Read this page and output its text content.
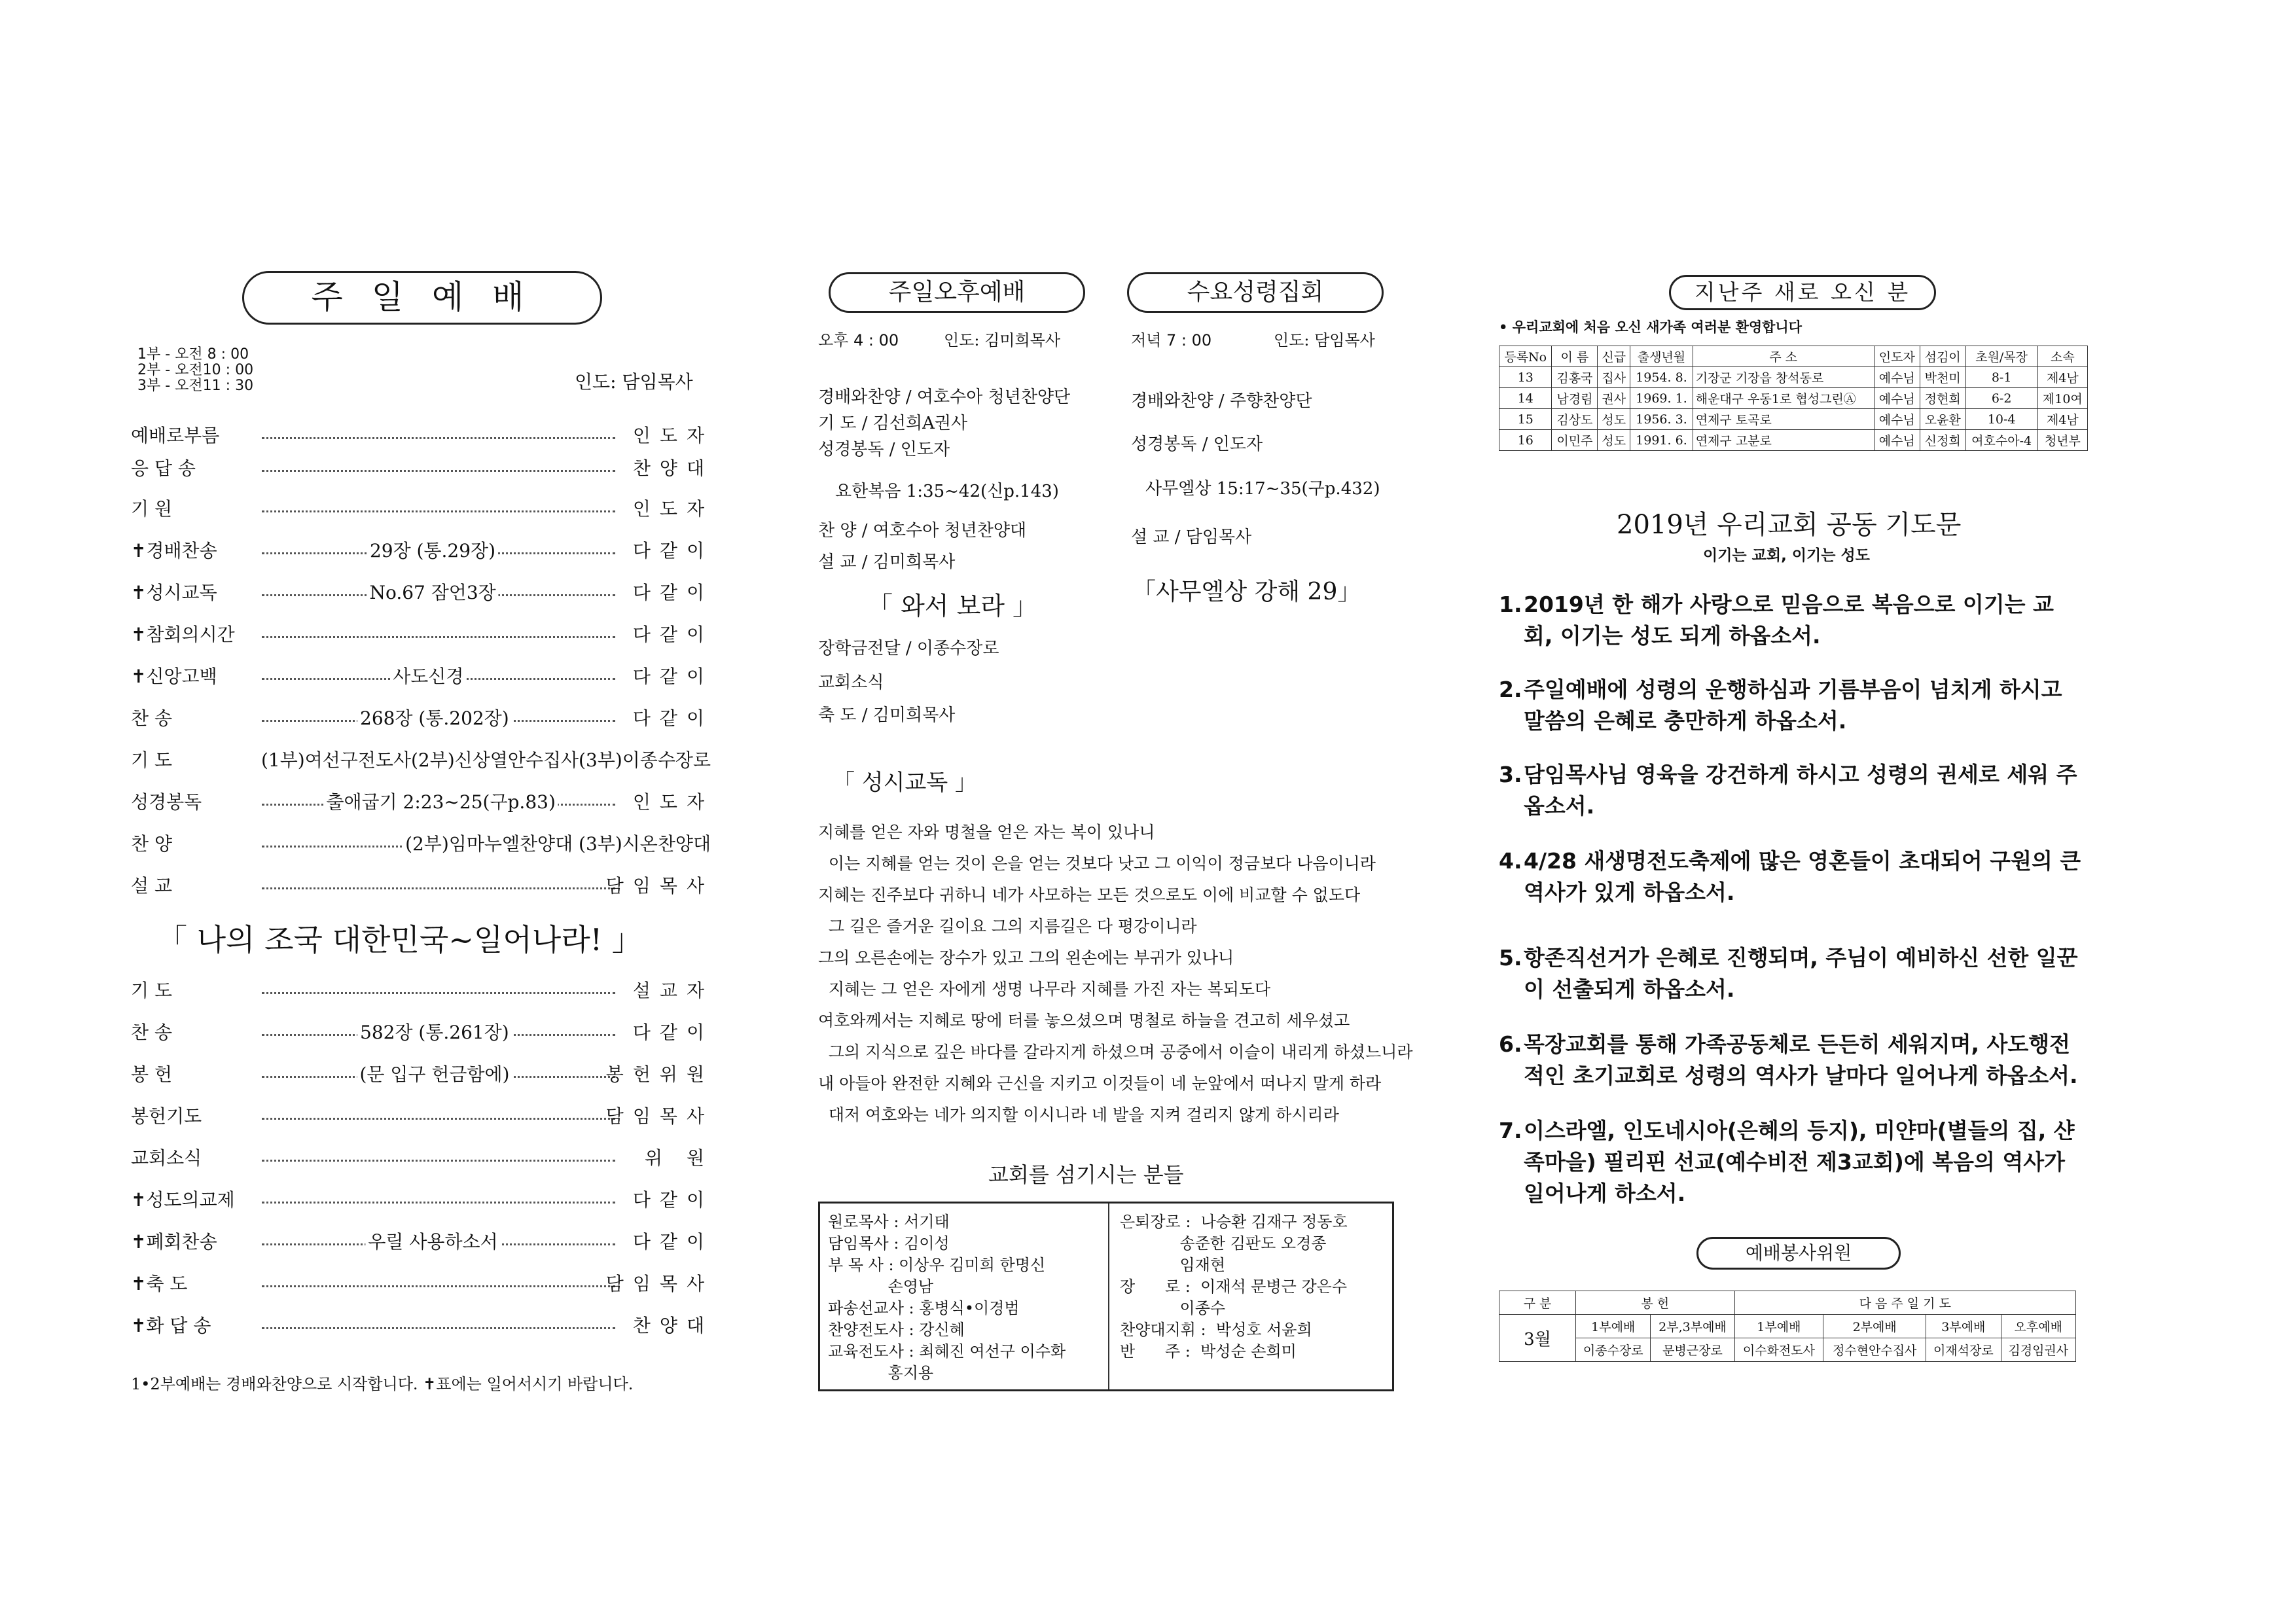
주 일 예 배
1부 - 오전 8 : 00
2부 - 오전10 : 00
3부 - 오전11 : 30	인도: 담임목사
예배로부름	인도자
응 답 송	찬양대
기 원	인도자
✝경배찬송	29장 (통.29장)	다같이
✝성시교독	No.67 잠언3장	다같이
✝참회의시간	다같이
✝신앙고백	사도신경	다같이
찬 송	268장 (통.202장)	다같이
기 도	(1부)여선구전도사(2부)신상열안수집사(3부)이종수장로
성경봉독	출애굽기 2:23~25(구p.83)	인도자
찬 양	(2부)임마누엘찬양대 (3부)시온찬양대
설 교	담임목사
「 나의 조국 대한민국~일어나라! 」
기 도	설교자
찬 송	582장 (통.261장)	다같이
봉 헌	(문 입구 헌금함에)	봉헌위원
봉헌기도	담임목사
교회소식	위 원
✝성도의교제	다같이
✝폐회찬송	우릴 사용하소서	다같이
✝축 도	담임목사
✝화 답 송	찬양대
1•2부예배는 경배와찬양으로 시작합니다. ✝표에는 일어서시기 바랍니다.
주일오후예배
오후 4 : 00	인도: 김미희목사
경배와찬양 / 여호수아 청년찬양단
기 도 / 김선희A권사
성경봉독 / 인도자
요한복음 1:35~42(신p.143)
찬 양 / 여호수아 청년찬양대
설 교 / 김미희목사
「 와서 보라 」
장학금전달 / 이종수장로
교회소식
축 도 / 김미희목사
수요성령집회
저녁 7 : 00	인도: 담임목사
경배와찬양 / 주향찬양단
성경봉독 / 인도자
사무엘상 15:17~35(구p.432)
설 교 / 담임목사
「사무엘상 강해 29」
「 성시교독 」
지혜를 얻은 자와 명철을 얻은 자는 복이 있나니
이는 지혜를 얻는 것이 은을 얻는 것보다 낫고 그 이익이 정금보다 나음이니라
지혜는 진주보다 귀하니 네가 사모하는 모든 것으로도 이에 비교할 수 없도다
그 길은 즐거운 길이요 그의 지름길은 다 평강이니라
그의 오른손에는 장수가 있고 그의 왼손에는 부귀가 있나니
지혜는 그 얻은 자에게 생명 나무라 지혜를 가진 자는 복되도다
여호와께서는 지혜로 땅에 터를 놓으셨으며 명철로 하늘을 견고히 세우셨고
그의 지식으로 깊은 바다를 갈라지게 하셨으며 공중에서 이슬이 내리게 하셨느니라
내 아들아 완전한 지혜와 근신을 지키고 이것들이 네 눈앞에서 떠나지 말게 하라
대저 여호와는 네가 의지할 이시니라 네 발을 지켜 걸리지 않게 하시리라
교회를 섬기시는 분들
원로목사 : 서기태
담임목사 : 김이성
부 목 사 : 이상우 김미희 한명신
손영남
파송선교사 : 홍병식•이경범
찬양전도사 : 강신혜
교육전도사 : 최혜진 여선구 이수화
홍지용
은퇴장로 :  나승환 김재구 정동호
송준한 김판도 오경종
임재현
장      로 :  이재석 문병근 강은수
이종수
찬양대지휘 :  박성호 서윤희
반      주 :  박성순 손희미
지난주 새로 오신 분
• 우리교회에 처음 오신 새가족 여러분 환영합니다
등록No	이 름	신급	출생년월	주 소	인도자	섬김이	초원/목장	소속
13	김홍국	집사	1954. 8.	기장군 기장읍 창석동로	예수님	박천미	8-1	제4남
14	남경림	권사	1969. 1.	해운대구 우동1로 협성그린Ⓐ	예수님	정현희	6-2	제10여
15	김상도	성도	1956. 3.	연제구 토곡로	예수님	오윤환	10-4	제4남
16	이민주	성도	1991. 6.	연제구 고분로	예수님	신정희	여호수아-4	청년부
2019년 우리교회 공동 기도문
이기는 교회, 이기는 성도
1. 2019년 한 해가 사랑으로 믿음으로 복음으로 이기는 교회, 이기는 성도 되게 하옵소서.
2. 주일예배에 성령의 운행하심과 기름부음이 넘치게 하시고 말씀의 은혜로 충만하게 하옵소서.
3. 담임목사님 영육을 강건하게 하시고 성령의 권세로 세워 주옵소서.
4. 4/28 새생명전도축제에 많은 영혼들이 초대되어 구원의 큰 역사가 있게 하옵소서.
5. 항존직선거가 은혜로 진행되며, 주님이 예비하신 선한 일꾼이 선출되게 하옵소서.
6. 목장교회를 통해 가족공동체로 든든히 세워지며, 사도행전적인 초기교회로 성령의 역사가 날마다 일어나게 하옵소서.
7. 이스라엘, 인도네시아(은혜의 등지), 미얀마(별들의 집, 샨족마을) 필리핀 선교(예수비전 제3교회)에 복음의 역사가 일어나게 하소서.
예배봉사위원
구 분	봉 헌		다 음 주 일 기 도			
3월	1부예배	2부,3부예배	1부예배	2부예배	3부예배	오후예배
	이종수장로	문병근장로	이수화전도사	정수현안수집사	이재석장로	김경임권사
